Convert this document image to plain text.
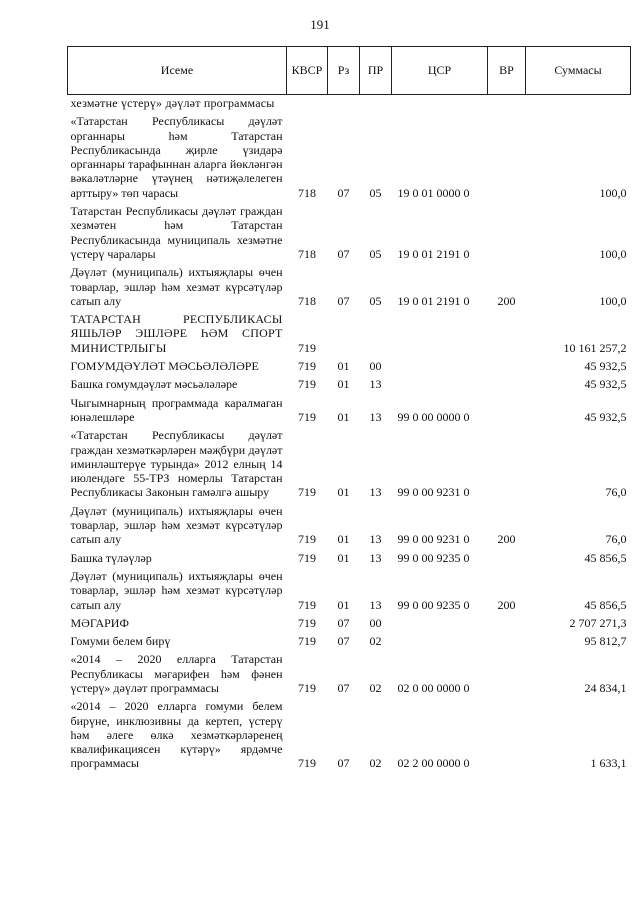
191
Исеме	КВСР	Рз	ПР	ЦСР	ВР	Суммасы
хезмәтне үстерү» дәүләт программасы						
«Татарстан Республикасы дәүләт органнары һәм Татарстан Республикасында җирле үзидарә органнары тарафыннан аларга йөкләнгән вәкаләтләрне үтәүнең нәтиҗәлелеген арттыру» төп чарасы	718	07	05	19 0 01 0000 0		100,0
Татарстан Республикасы дәүләт граждан хезмәтен һәм Татарстан Республикасында муниципаль хезмәтне үстерү чаралары	718	07	05	19 0 01 2191 0		100,0
Дәүләт (муниципаль) ихтыяҗлары өчен товарлар, эшләр һәм хезмәт күрсәтүләр сатып алу	718	07	05	19 0 01 2191 0	200	100,0
ТАТАРСТАН РЕСПУБЛИКАСЫ ЯШЬЛӘР ЭШЛӘРЕ ҺӘМ СПОРТ МИНИСТРЛЫГЫ	719					10 161 257,2
ГОМУМДӘҮЛӘТ МӘСЬӘЛӘЛӘРЕ	719	01	00			45 932,5
Башка гомумдәүләт мәсьәләләре	719	01	13			45 932,5
Чыгымнарның программада каралмаган юнәлешләре	719	01	13	99 0 00 0000 0		45 932,5
«Татарстан Республикасы дәүләт граждан хезмәткәрләрен мәҗбүри дәүләт иминләштерүе турында» 2012 елның 14 июлендәге 55-ТРЗ номерлы Татарстан Республикасы Законын гамәлгә ашыру	719	01	13	99 0 00 9231 0		76,0
Дәүләт (муниципаль) ихтыяҗлары өчен товарлар, эшләр һәм хезмәт күрсәтүләр сатып алу	719	01	13	99 0 00 9231 0	200	76,0
Башка түләүләр	719	01	13	99 0 00 9235 0		45 856,5
Дәүләт (муниципаль) ихтыяҗлары өчен товарлар, эшләр һәм хезмәт күрсәтүләр сатып алу	719	01	13	99 0 00 9235 0	200	45 856,5
МӘГАРИФ	719	07	00			2 707 271,3
Гомуми белем бирү	719	07	02			95 812,7
«2014 – 2020 елларга Татарстан Республикасы мәгарифен һәм фәнен үстерү» дәүләт программасы	719	07	02	02 0 00 0000 0		24 834,1
«2014 – 2020 елларга гомуми белем бирүне, инклюзивны да кертеп, үстерү һәм әлеге өлкә хезмәткәрләренең квалификациясен күтәрү» ярдәмче программасы	719	07	02	02 2 00 0000 0		1 633,1
